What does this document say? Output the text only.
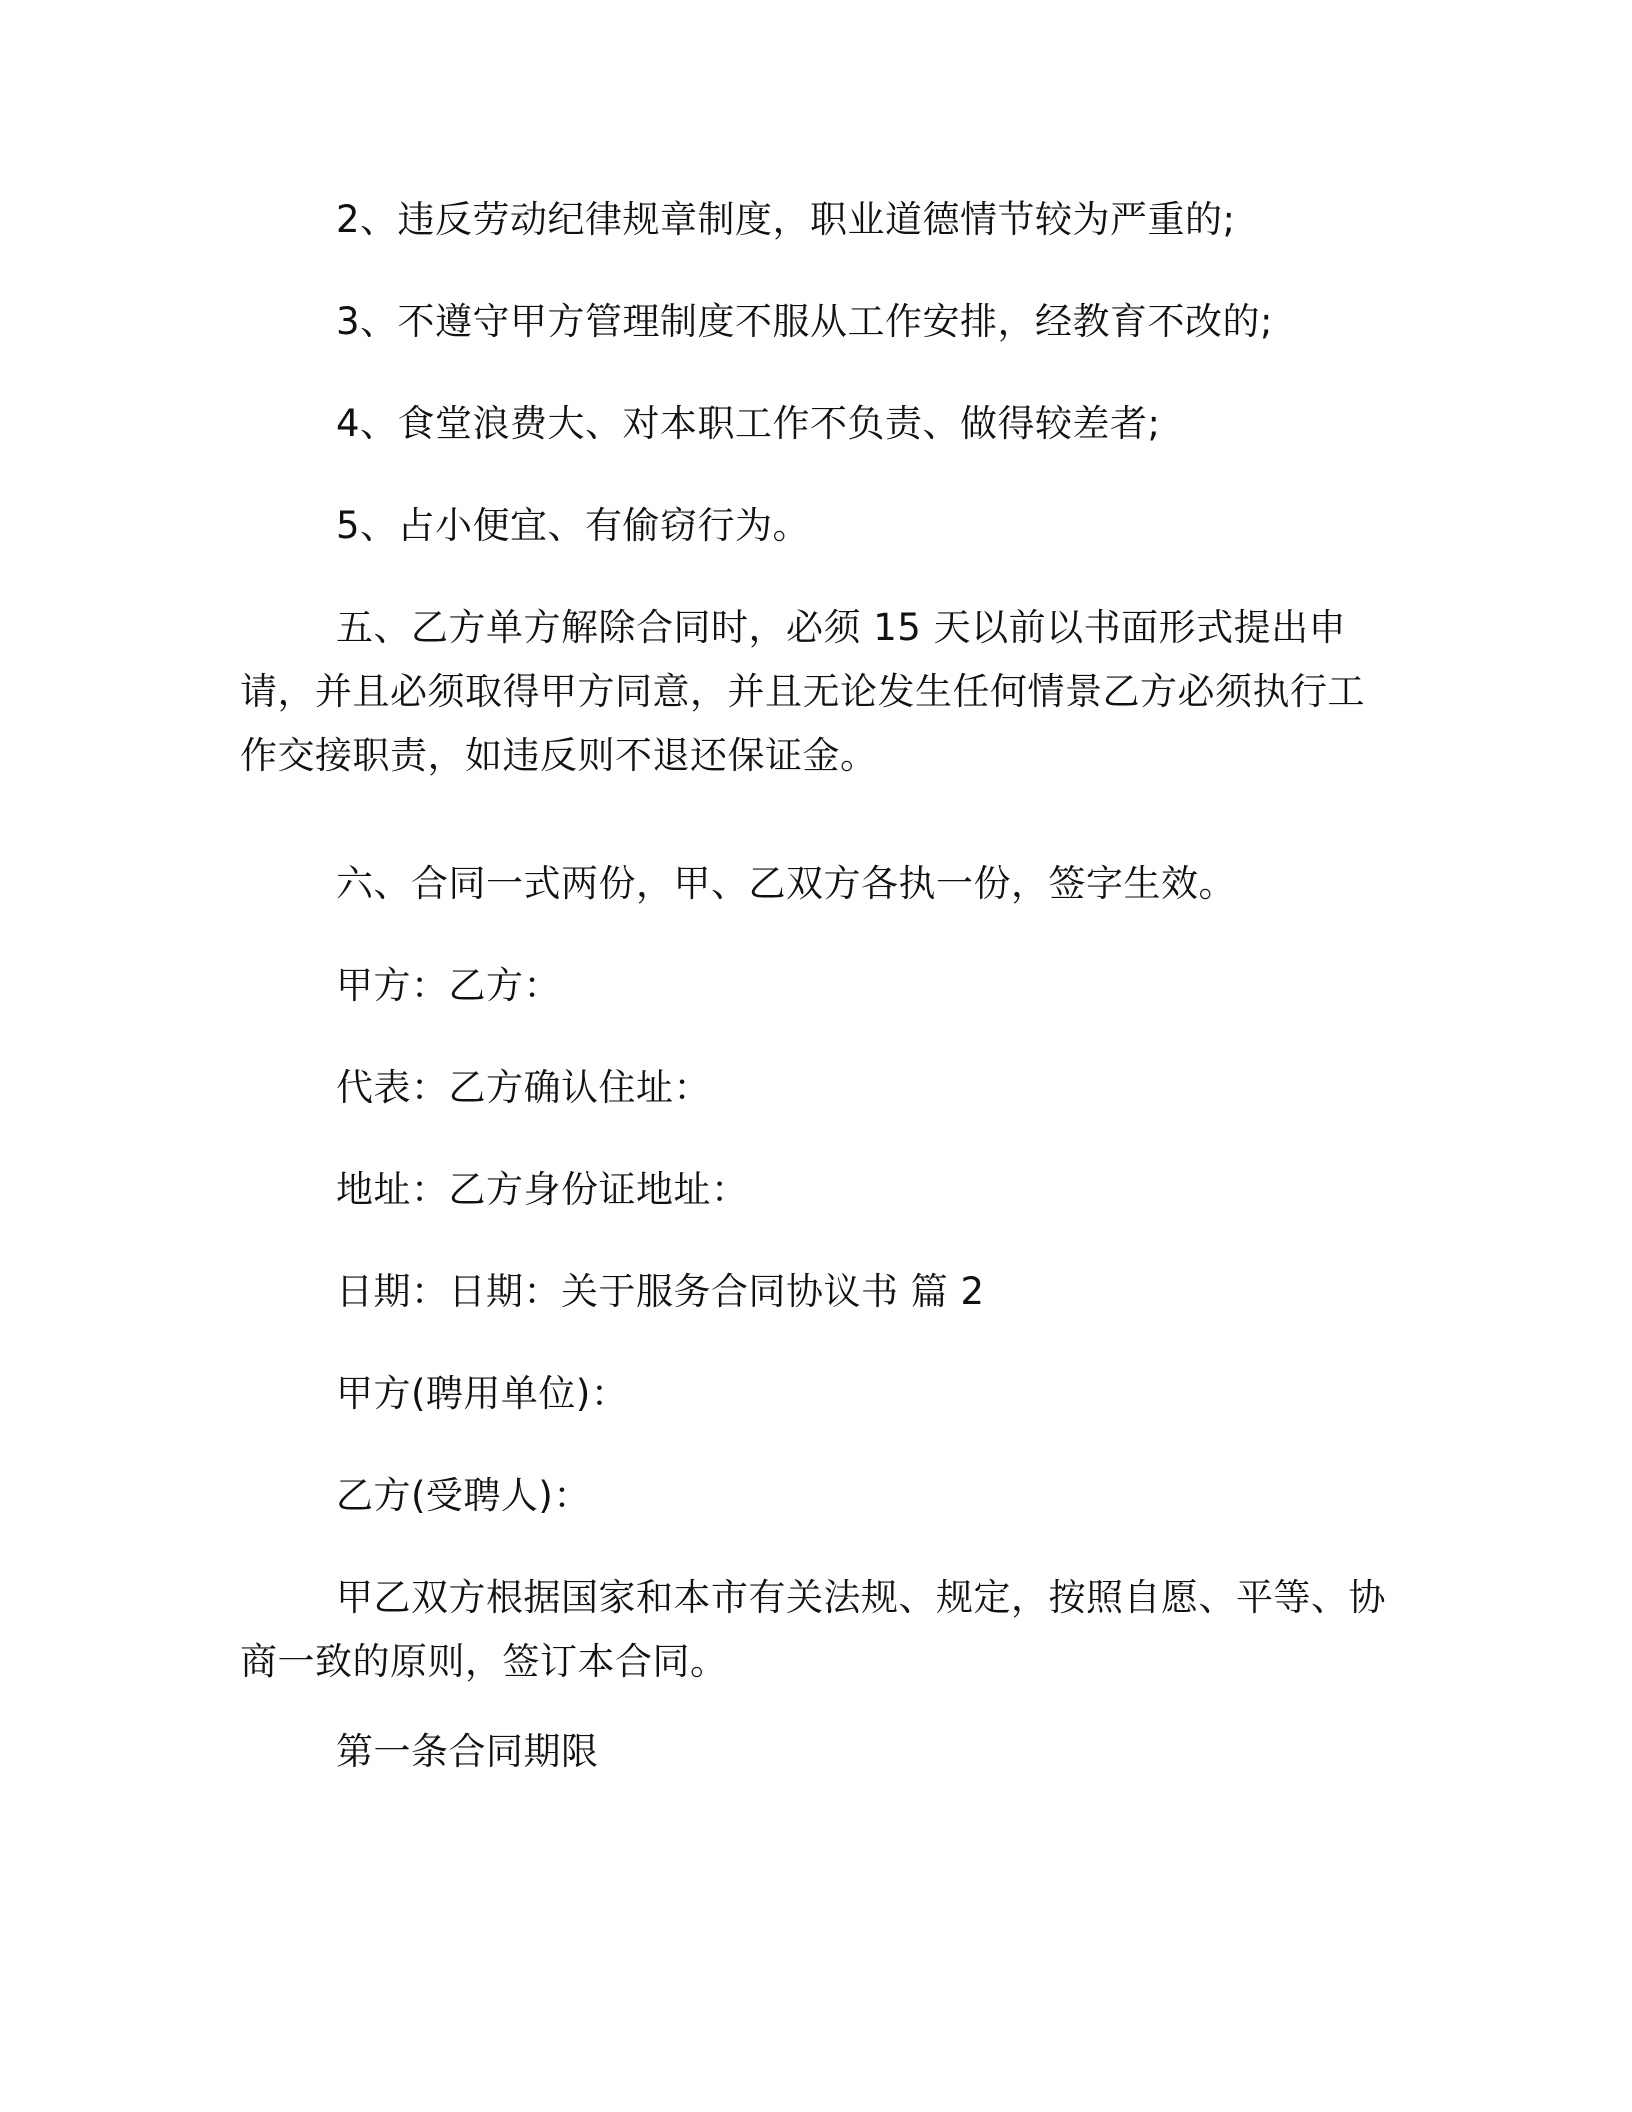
2、违反劳动纪律规章制度，职业道德情节较为严重的;

3、不遵守甲方管理制度不服从工作安排，经教育不改的;

4、食堂浪费大、对本职工作不负责、做得较差者;

5、占小便宜、有偷窃行为。

五、乙方单方解除合同时，必须 15 天以前以书面形式提出申请，并且必须取得甲方同意，并且无论发生任何情景乙方必须执行工作交接职责，如违反则不退还保证金。

六、合同一式两份，甲、乙双方各执一份，签字生效。

甲方：乙方：

代表：乙方确认住址：

地址：乙方身份证地址：

日期：日期：关于服务合同协议书 篇 2

甲方(聘用单位)：

乙方(受聘人)：

甲乙双方根据国家和本市有关法规、规定，按照自愿、平等、协商一致的原则，签订本合同。

第一条合同期限
